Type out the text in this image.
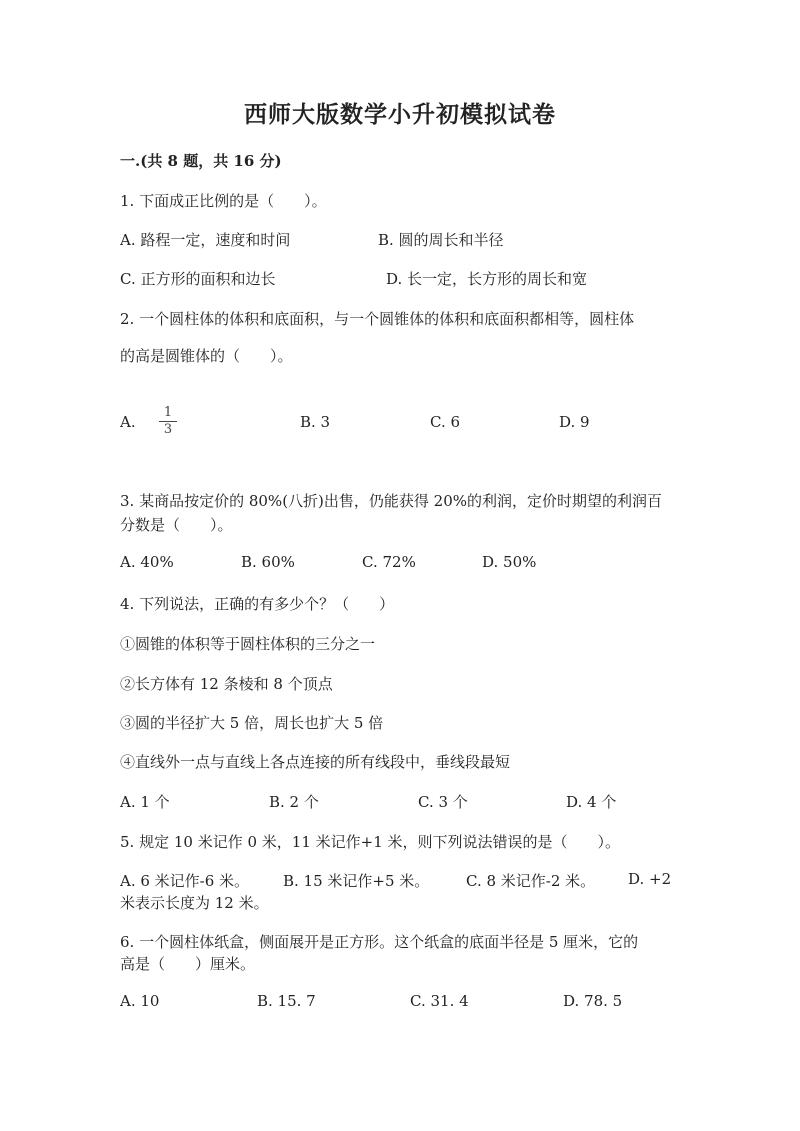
西师大版数学小升初模拟试卷
一.(共 8 题，共 16 分)
1. 下面成正比例的是（　　）。
A. 路程一定，速度和时间	B. 圆的周长和半径
C. 正方形的面积和边长	D. 长一定，长方形的周长和宽
2. 一个圆柱体的体积和底面积，与一个圆锥体的体积和底面积都相等，圆柱体
的高是圆锥体的（　　）。
A.
1
3	B. 3	C. 6	D. 9
3. 某商品按定价的 80%(八折)出售，仍能获得 20%的利润，定价时期望的利润百
分数是（　　）。
A. 40%	B. 60%	C. 72%	D. 50%
4. 下列说法，正确的有多少个？（　　）
①圆锥的体积等于圆柱体积的三分之一
②长方体有 12 条棱和 8 个顶点
③圆的半径扩大 5 倍，周长也扩大 5 倍
④直线外一点与直线上各点连接的所有线段中，垂线段最短
A. 1 个	B. 2 个	C. 3 个	D. 4 个
5. 规定 10 米记作 0 米，11 米记作+1 米，则下列说法错误的是（　　）。
A. 6 米记作-6 米。 B. 15 米记作+5 米。 C. 8 米记作-2 米。 D. +2
米表示长度为 12 米。
6. 一个圆柱体纸盒，侧面展开是正方形。这个纸盒的底面半径是 5 厘米，它的
高是（　　）厘米。
A. 10	B. 15. 7	C. 31. 4	D. 78. 5
